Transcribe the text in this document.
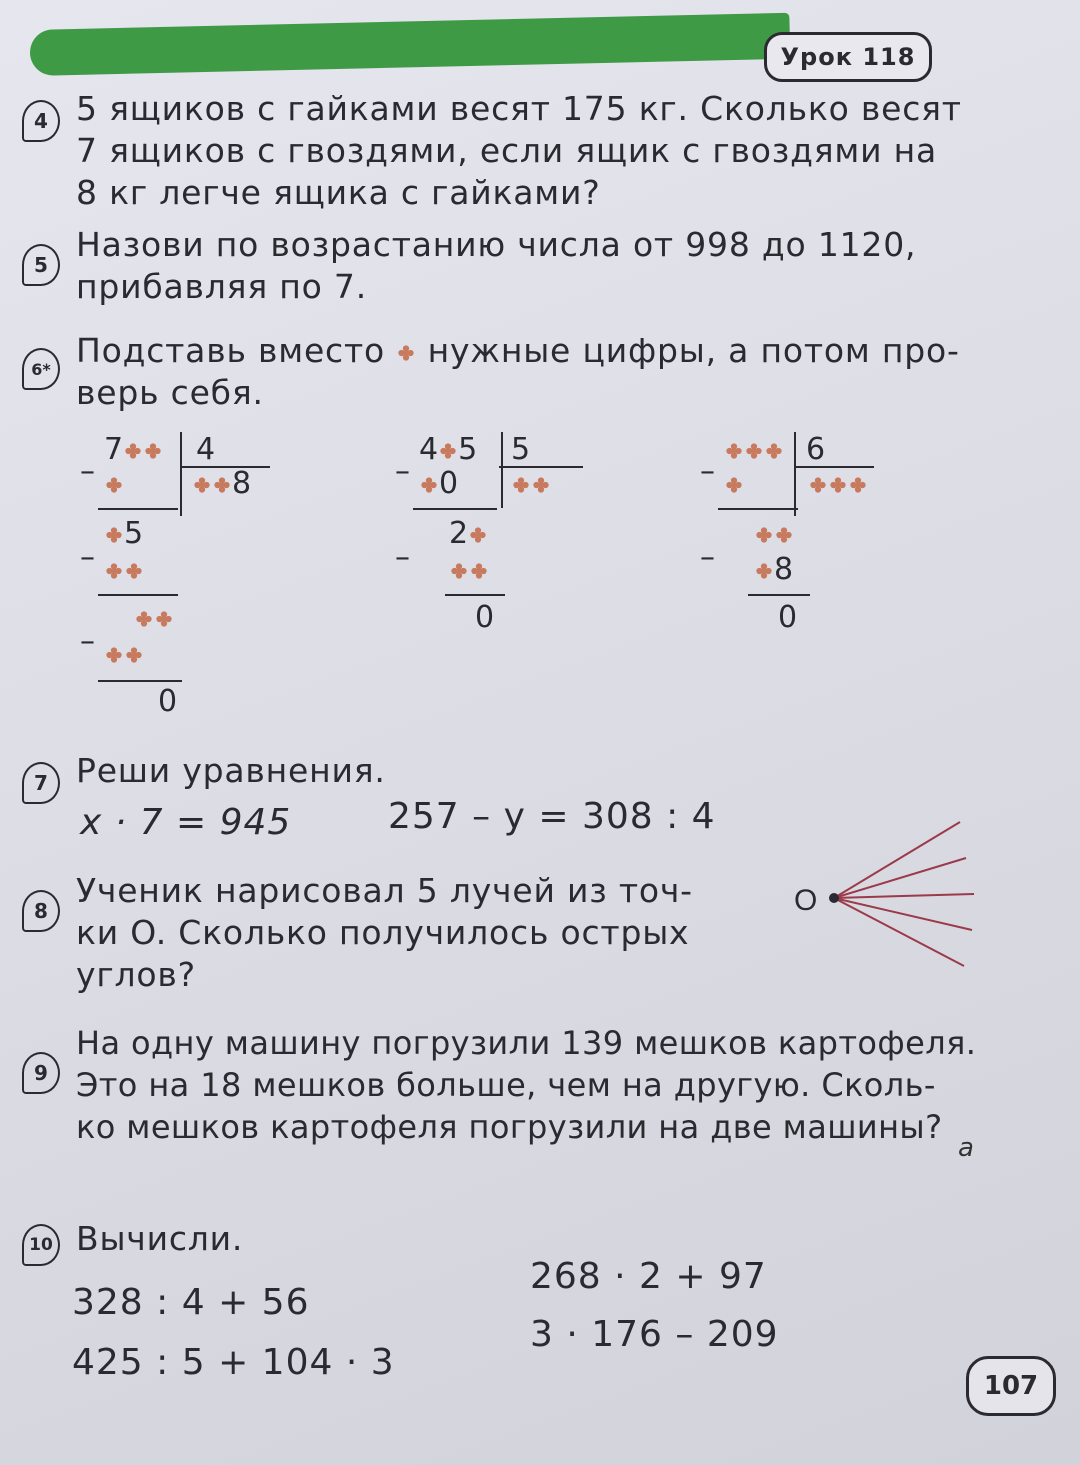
Урок 118
4 5 ящиков с гайками весят 175 кг. Сколько весят
7 ящиков с гвоздями, если ящик с гвоздями на
8 кг легче ящика с гайками?
5
Назови по возрастанию числа от 998 до 1120,
прибавляя по 7.
6* Подставь вместо нужные цифры, а потом про-
верь себя.
7
–
5
–
–
0
4
8
4 5
0
–
2
–
0
5
–
8
–
0
6
7 Реши уравнения.
x · 7 = 945	257 – y = 308 : 4
8
Ученик нарисовал 5 лучей из точ-
ки O. Сколько получилось острых
углов?
O
9
На одну машину погрузили 139 мешков картофеля.
Это на 18 мешков больше, чем на другую. Сколь-
ко мешков картофеля погрузили на две машины?
a
10 Вычисли.
328 : 4 + 56
425 : 5 + 104 · 3
268 · 2 + 97
3 · 176 – 209
107
